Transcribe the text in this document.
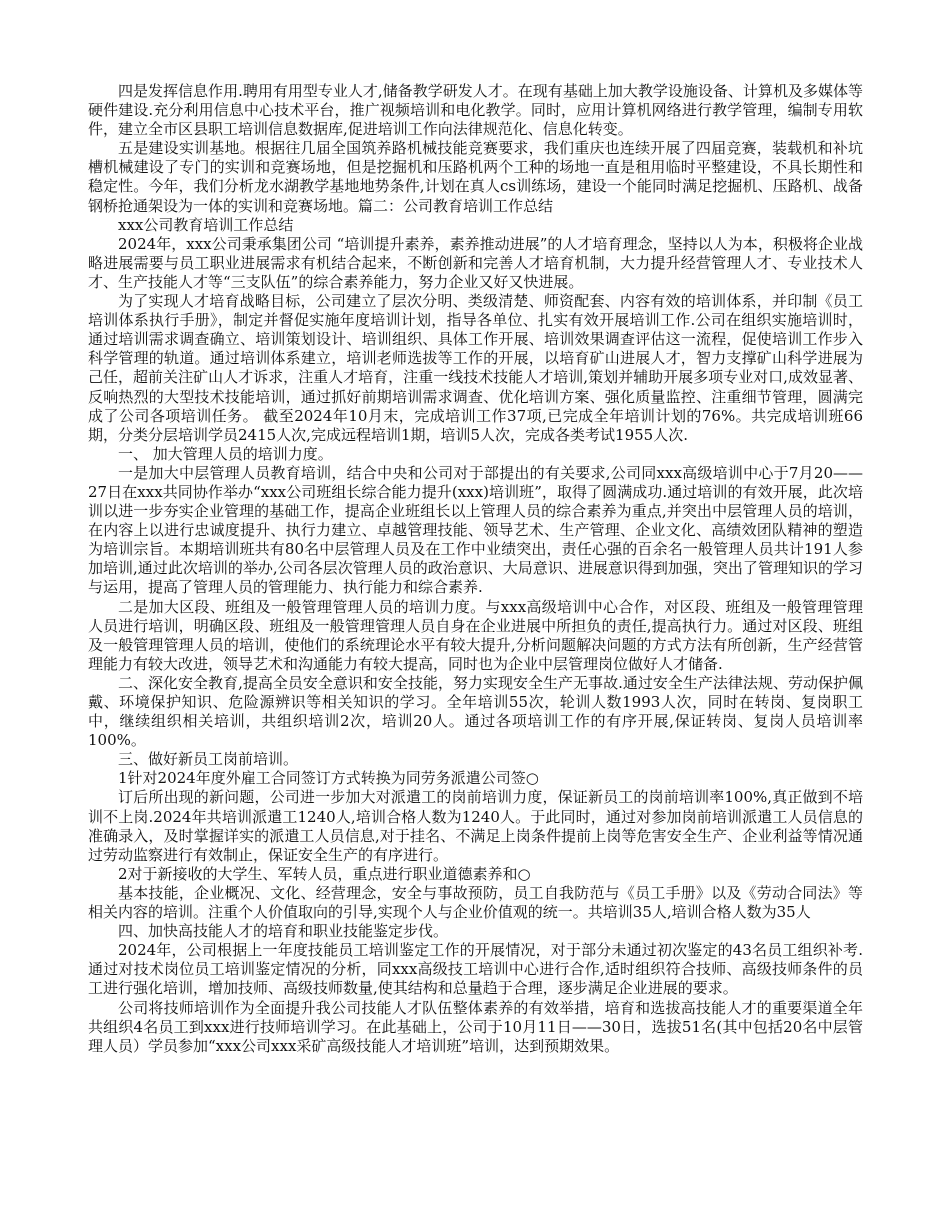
四是发挥信息作用.聘用有用型专业人才,储备教学研发人才。在现有基础上加大教学设施设备、计算机及多媒体等硬件建设.充分利用信息中心技术平台，推广视频培训和电化教学。同时，应用计算机网络进行教学管理，编制专用软件，建立全市区县职工培训信息数据库,促进培训工作向法律规范化、信息化转变。

五是建设实训基地。根据往几届全国筑养路机械技能竞赛要求，我们重庆也连续开展了四届竞赛，装载机和补坑槽机械建设了专门的实训和竞赛场地，但是挖掘机和压路机两个工种的场地一直是租用临时平整建设，不具长期性和稳定性。今年，我们分析龙水湖教学基地地势条件,计划在真人cs训练场，建设一个能同时满足挖掘机、压路机、战备钢桥抢通架设为一体的实训和竞赛场地。篇二：公司教育培训工作总结

xxx公司教育培训工作总结

2024年，xxx公司秉承集团公司 “培训提升素养，素养推动进展”的人才培育理念，坚持以人为本，积极将企业战略进展需要与员工职业进展需求有机结合起来，不断创新和完善人才培育机制，大力提升经营管理人才、专业技术人才、生产技能人才等“三支队伍”的综合素养能力，努力企业又好又快进展。

为了实现人才培育战略目标，公司建立了层次分明、类级清楚、师资配套、内容有效的培训体系，并印制《员工培训体系执行手册》，制定并督促实施年度培训计划，指导各单位、扎实有效开展培训工作.公司在组织实施培训时，通过培训需求调查确立、培训策划设计、培训组织、具体工作开展、培训效果调查评估这一流程，促使培训工作步入科学管理的轨道。通过培训体系建立，培训老师选拔等工作的开展，以培育矿山进展人才，智力支撑矿山科学进展为己任，超前关注矿山人才诉求，注重人才培育，注重一线技术技能人才培训,策划并辅助开展多项专业对口,成效显著、反响热烈的大型技术技能培训，通过抓好前期培训需求调查、优化培训方案、强化质量监控、注重细节管理，圆满完成了公司各项培训任务。 截至2024年10月末，完成培训工作37项,已完成全年培训计划的76%。共完成培训班66期，分类分层培训学员2415人次,完成远程培训1期，培训5人次，完成各类考试1955人次.

一、 加大管理人员的培训力度。

一是加大中层管理人员教育培训，结合中央和公司对于部提出的有关要求,公司同xxx高级培训中心于7月20——27日在xxx共同协作举办“xxx公司班组长综合能力提升(xxx)培训班”，取得了圆满成功.通过培训的有效开展，此次培训以进一步夯实企业管理的基础工作，提高企业班组长以上管理人员的综合素养为重点,并突出中层管理人员的培训，在内容上以进行忠诚度提升、执行力建立、卓越管理技能、领导艺术、生产管理、企业文化、高绩效团队精神的塑造为培训宗旨。本期培训班共有80名中层管理人员及在工作中业绩突出，责任心强的百余名一般管理人员共计191人参加培训,通过此次培训的举办,公司各层次管理人员的政治意识、大局意识、进展意识得到加强，突出了管理知识的学习与运用，提高了管理人员的管理能力、执行能力和综合素养.

二是加大区段、班组及一般管理管理人员的培训力度。与xxx高级培训中心合作，对区段、班组及一般管理管理人员进行培训，明确区段、班组及一般管理管理人员自身在企业进展中所担负的责任,提高执行力。通过对区段、班组及一般管理管理人员的培训，使他们的系统理论水平有较大提升,分析问题解决问题的方式方法有所创新，生产经营管理能力有较大改进，领导艺术和沟通能力有较大提高，同时也为企业中层管理岗位做好人才储备.

二、深化安全教育,提高全员安全意识和安全技能，努力实现安全生产无事故.通过安全生产法律法规、劳动保护佩戴、环境保护知识、危险源辨识等相关知识的学习。全年培训55次，轮训人数1993人次，同时在转岗、复岗职工中，继续组织相关培训，共组织培训2次，培训20人。通过各项培训工作的有序开展,保证转岗、复岗人员培训率100%。

三、做好新员工岗前培训。

1针对2024年度外雇工合同签订方式转换为同劳务派遣公司签○

订后所出现的新问题，公司进一步加大对派遣工的岗前培训力度，保证新员工的岗前培训率100%,真正做到不培训不上岗.2024年共培训派遣工1240人,培训合格人数为1240人。于此同时，通过对参加岗前培训派遣工人员信息的准确录入，及时掌握详实的派遣工人员信息,对于挂名、不满足上岗条件提前上岗等危害安全生产、企业利益等情况通过劳动监察进行有效制止，保证安全生产的有序进行。

2对于新接收的大学生、军转人员，重点进行职业道德素养和○

基本技能，企业概况、文化、经营理念，安全与事故预防，员工自我防范与《员工手册》以及《劳动合同法》等相关内容的培训。注重个人价值取向的引导,实现个人与企业价值观的统一。共培训35人,培训合格人数为35人

四、加快高技能人才的培育和职业技能鉴定步伐。

2024年，公司根据上一年度技能员工培训鉴定工作的开展情况，对于部分未通过初次鉴定的43名员工组织补考.通过对技术岗位员工培训鉴定情况的分析，同xxx高级技工培训中心进行合作,适时组织符合技师、高级技师条件的员工进行强化培训，增加技师、高级技师数量,使其结构和总量趋于合理，逐步满足企业进展的要求。

公司将技师培训作为全面提升我公司技能人才队伍整体素养的有效举措，培育和选拔高技能人才的重要渠道全年共组织4名员工到xxx进行技师培训学习。在此基础上，公司于10月11日——30日，选拔51名(其中包括20名中层管理人员）学员参加“xxx公司xxx采矿高级技能人才培训班”培训，达到预期效果。
